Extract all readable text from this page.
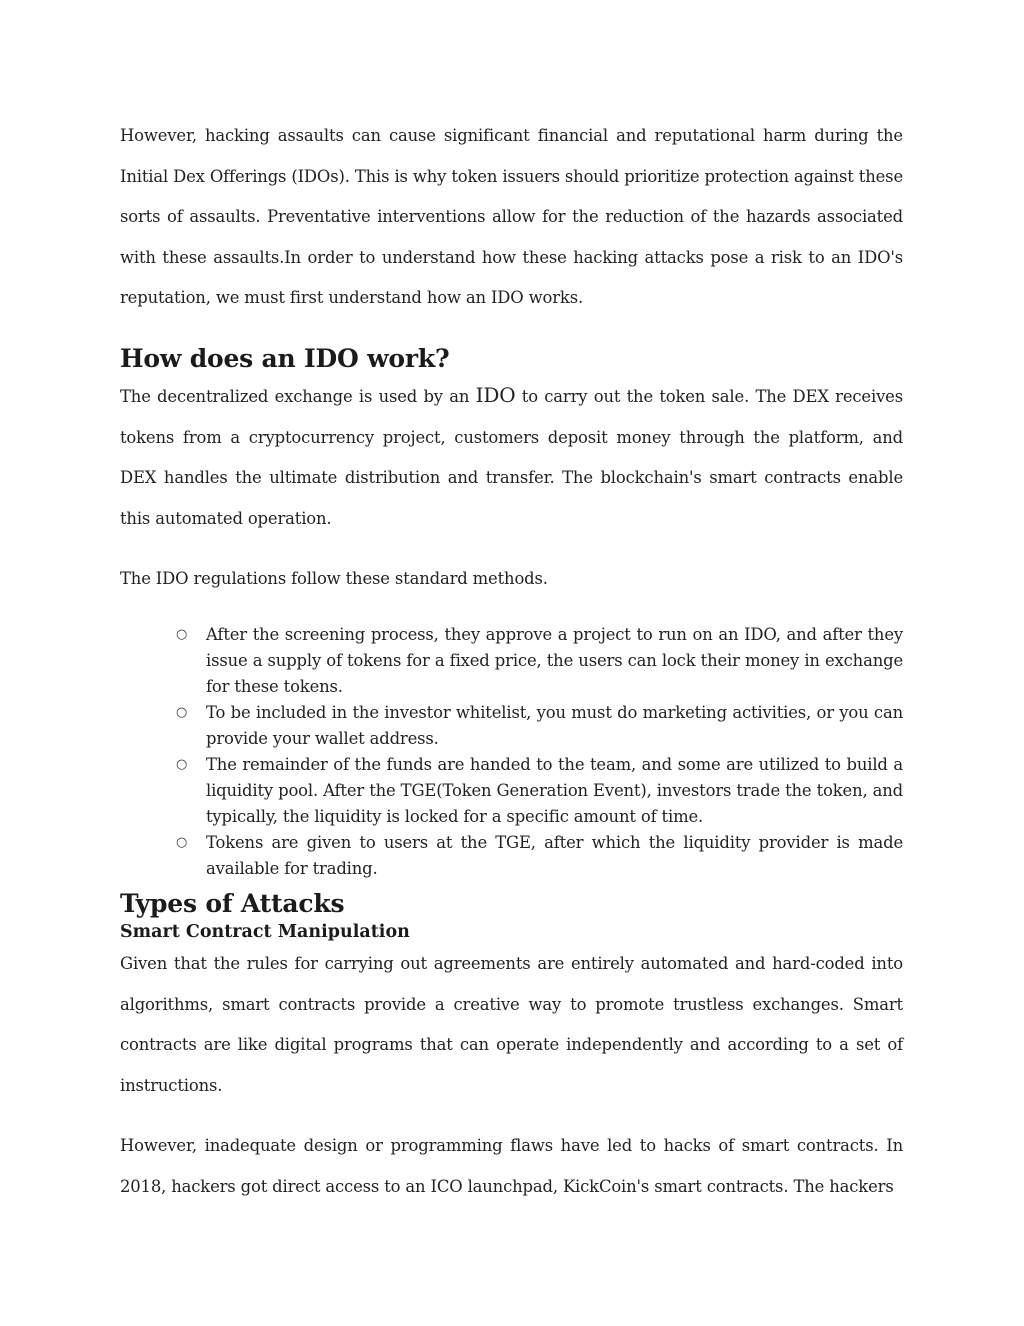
However, hacking assaults can cause significant financial and reputational harm during the Initial Dex Offerings (IDOs). This is why token issuers should prioritize protection against these sorts of assaults. Preventative interventions allow for the reduction of the hazards associated with these assaults.In order to understand how these hacking attacks pose a risk to an IDO's reputation, we must first understand how an IDO works.

How does an IDO work?

The decentralized exchange is used by an IDO to carry out the token sale. The DEX receives tokens from a cryptocurrency project, customers deposit money through the platform, and DEX handles the ultimate distribution and transfer. The blockchain's smart contracts enable this automated operation.

The IDO regulations follow these standard methods.

○ After the screening process, they approve a project to run on an IDO, and after they issue a supply of tokens for a fixed price, the users can lock their money in exchange for these tokens.
○ To be included in the investor whitelist, you must do marketing activities, or you can provide your wallet address.
○ The remainder of the funds are handed to the team, and some are utilized to build a liquidity pool. After the TGE(Token Generation Event), investors trade the token, and typically, the liquidity is locked for a specific amount of time.
○ Tokens are given to users at the TGE, after which the liquidity provider is made available for trading.
Types of Attacks
Smart Contract Manipulation

Given that the rules for carrying out agreements are entirely automated and hard-coded into algorithms, smart contracts provide a creative way to promote trustless exchanges. Smart contracts are like digital programs that can operate independently and according to a set of instructions.

However, inadequate design or programming flaws have led to hacks of smart contracts. In 2018, hackers got direct access to an ICO launchpad, KickCoin's smart contracts. The hackers
